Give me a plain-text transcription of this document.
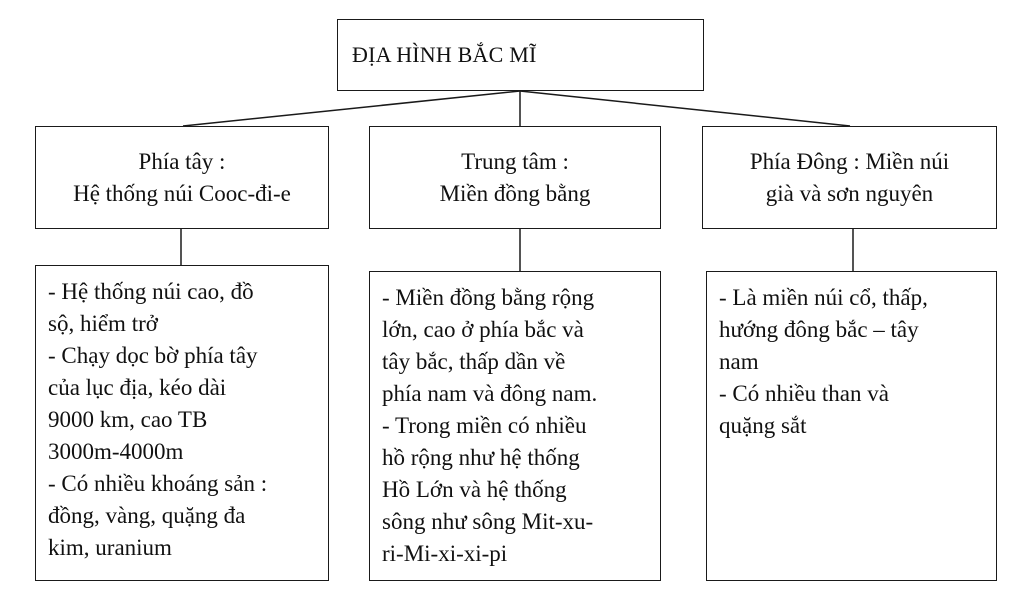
ĐỊA HÌNH BẮC MĨ
Phía tây :
Hệ thống núi Cooc-đi-e
Trung tâm :
Miền đồng bằng
Phía Đông : Miền núi
già và sơn nguyên
- Hệ thống núi cao, đồ
sộ, hiểm trở
- Chạy dọc bờ phía tây
của lục địa, kéo dài
9000 km, cao TB
3000m-4000m
- Có nhiều khoáng sản :
đồng, vàng, quặng đa
kim, uranium
- Miền đồng bằng rộng
lớn, cao ở phía bắc và
tây bắc, thấp dần về
phía nam và đông nam.
- Trong miền có nhiều
hồ rộng như hệ thống
Hồ Lớn và hệ thống
sông như sông Mit-xu-
ri-Mi-xi-xi-pi
- Là miền núi cổ, thấp,
hướng đông bắc – tây
nam
- Có nhiều than và
quặng sắt
